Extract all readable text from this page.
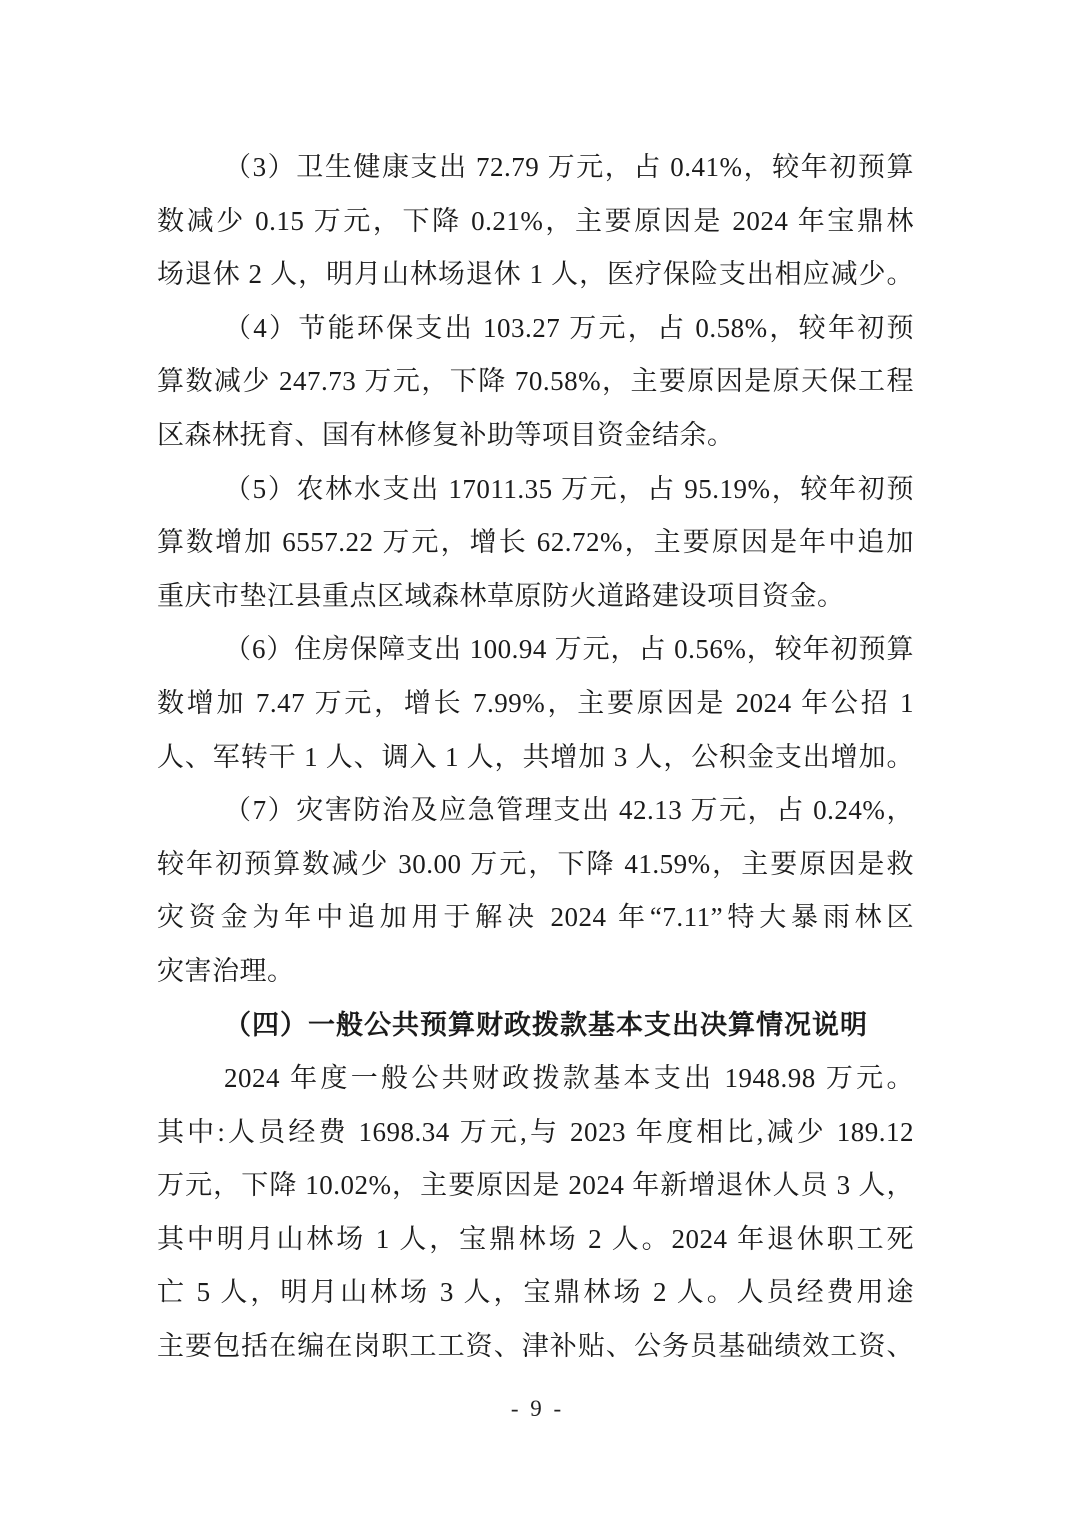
（3）卫生健康支出 72.79 万元，占 0.41%，较年初预算
数减少 0.15 万元，下降 0.21%，主要原因是 2024 年宝鼎林
场退休 2 人，明月山林场退休 1 人，医疗保险支出相应减少。
（4）节能环保支出 103.27 万元，占 0.58%，较年初预
算数减少 247.73 万元，下降 70.58%，主要原因是原天保工程
区森林抚育、国有林修复补助等项目资金结余。
（5）农林水支出 17011.35 万元，占 95.19%，较年初预
算数增加 6557.22 万元，增长 62.72%，主要原因是年中追加
重庆市垫江县重点区域森林草原防火道路建设项目资金。
（6）住房保障支出 100.94 万元，占 0.56%，较年初预算
数增加 7.47 万元，增长 7.99%，主要原因是 2024 年公招 1
人、军转干 1 人、调入 1 人，共增加 3 人，公积金支出增加。
（7）灾害防治及应急管理支出 42.13 万元，占 0.24%，
较年初预算数减少 30.00 万元，下降 41.59%，主要原因是救
灾资金为年中追加用于解决 2024 年“7.11”特大暴雨林区
灾害治理。
（四）一般公共预算财政拨款基本支出决算情况说明
2024 年度一般公共财政拨款基本支出 1948.98 万元。
其中:人员经费 1698.34 万元,与 2023 年度相比,减少 189.12
万元，下降 10.02%，主要原因是 2024 年新增退休人员 3 人，
其中明月山林场 1 人，宝鼎林场 2 人。2024 年退休职工死
亡 5 人，明月山林场 3 人，宝鼎林场 2 人。人员经费用途
主要包括在编在岗职工工资、津补贴、公务员基础绩效工资、
- 9 -
